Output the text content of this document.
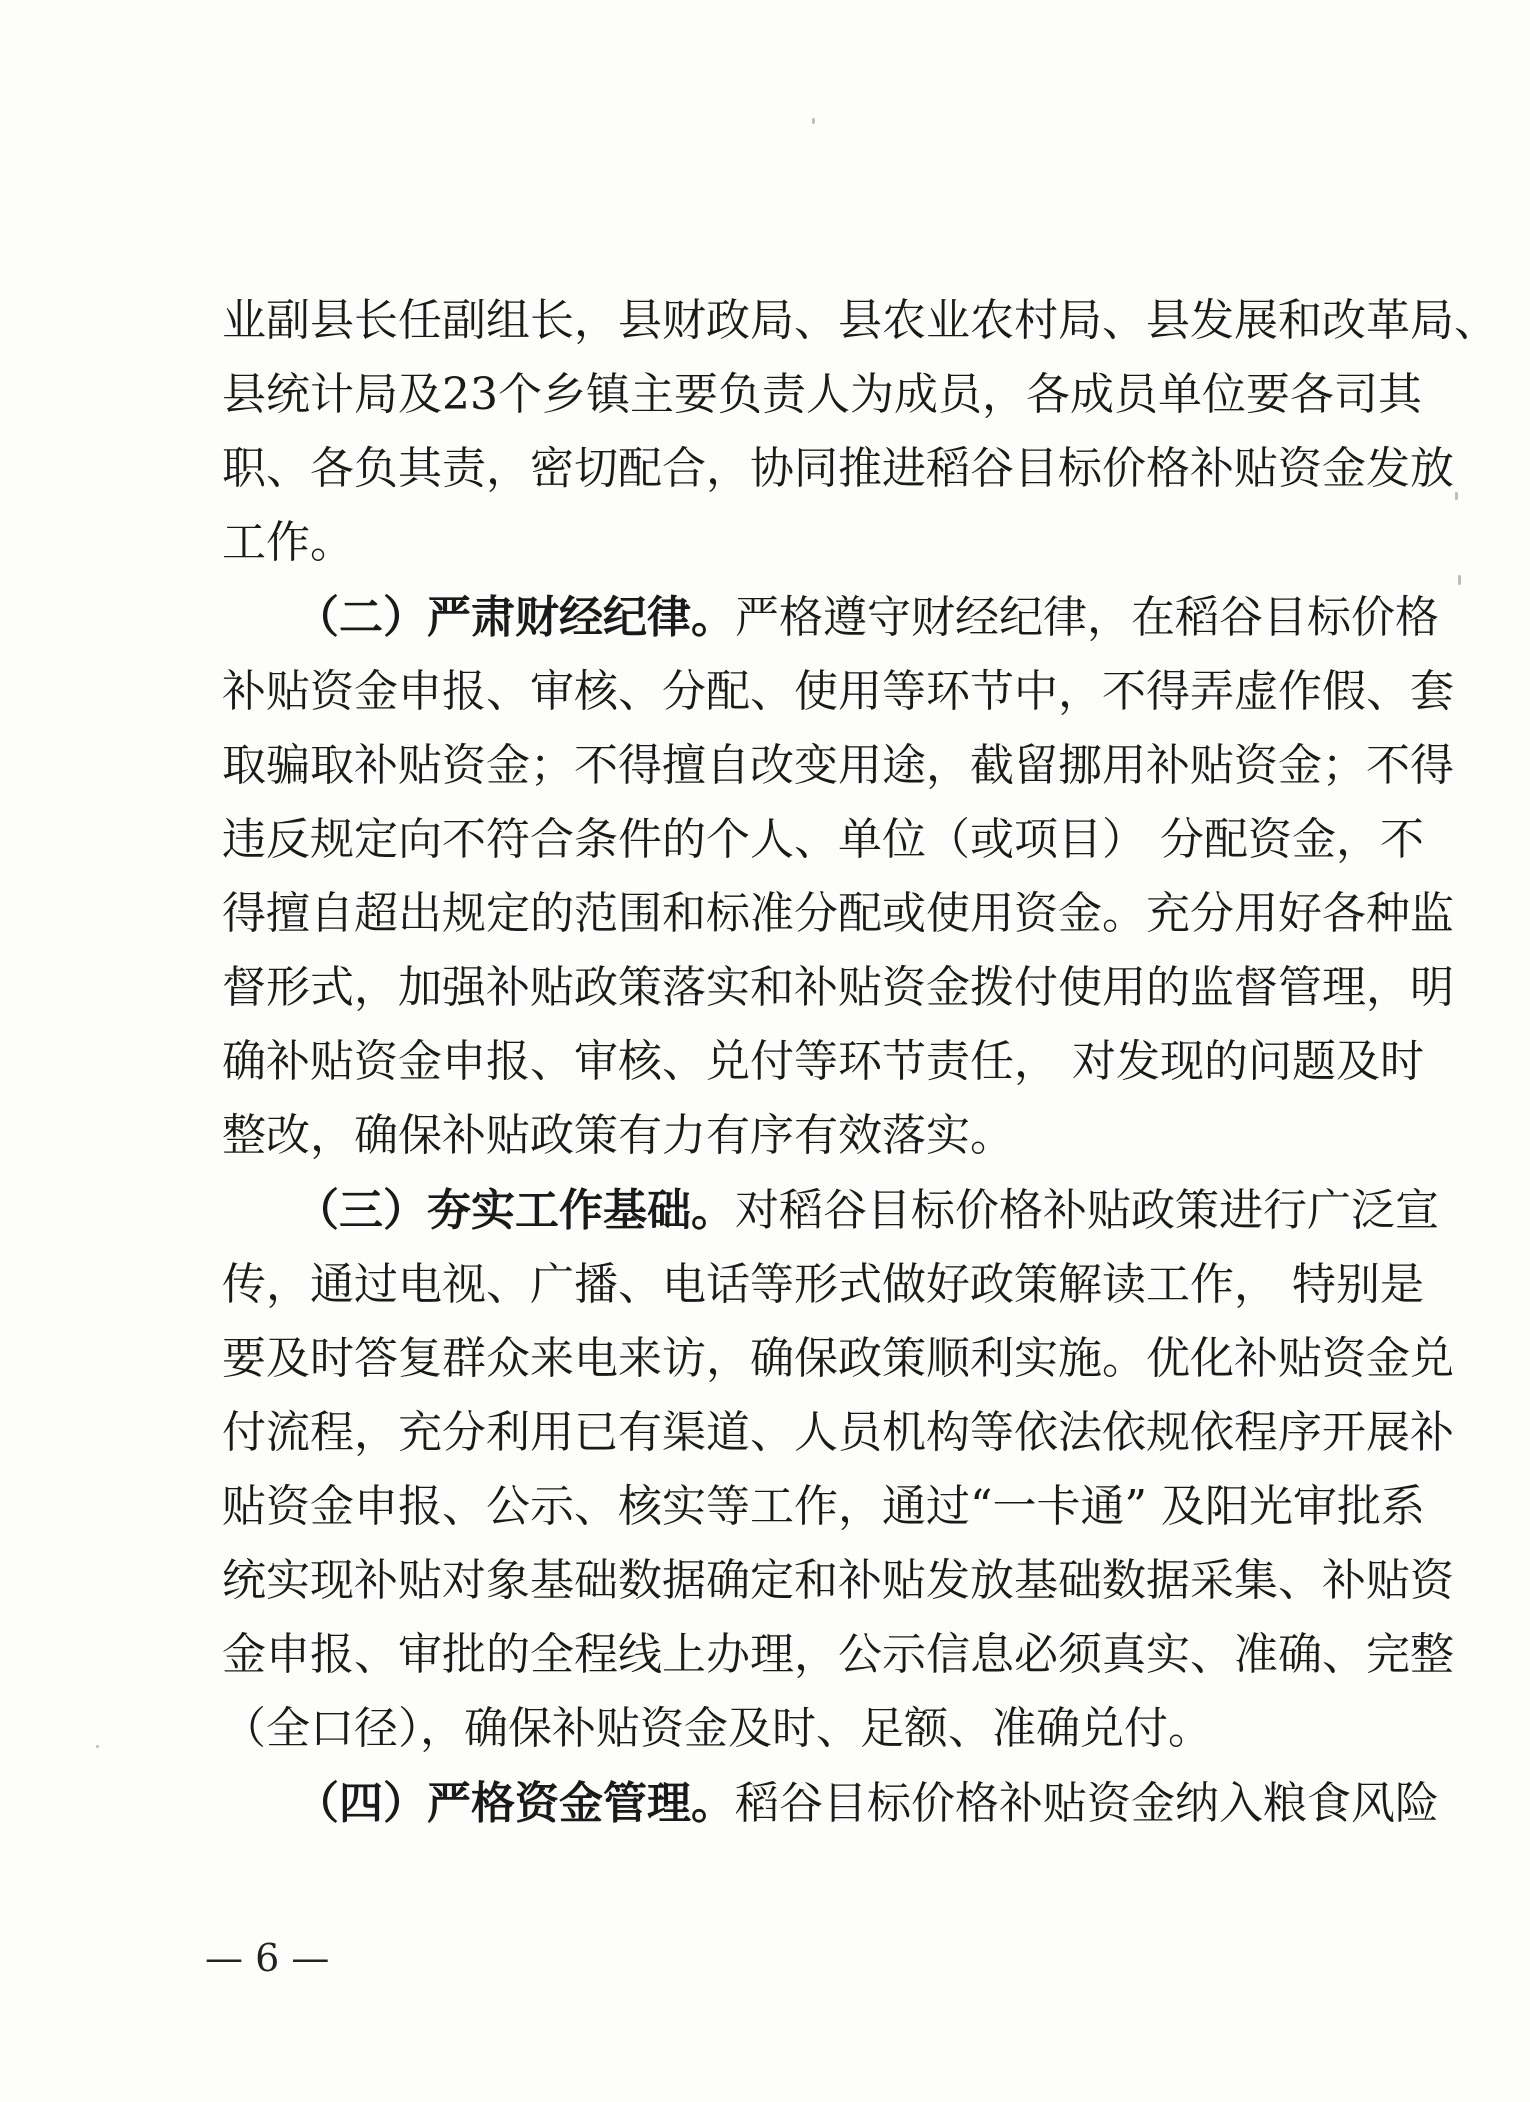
业副县长任副组长，县财政局、县农业农村局、县发展和改革局、
县统计局及23个乡镇主要负责人为成员，各成员单位要各司其
职、各负其责，密切配合，协同推进稻谷目标价格补贴资金发放
工作。
（二）严肃财经纪律。严格遵守财经纪律，在稻谷目标价格
补贴资金申报、审核、分配、使用等环节中，不得弄虚作假、套
取骗取补贴资金；不得擅自改变用途，截留挪用补贴资金；不得
违反规定向不符合条件的个人、单位（或项目） 分配资金，不
得擅自超出规定的范围和标准分配或使用资金。充分用好各种监
督形式，加强补贴政策落实和补贴资金拨付使用的监督管理，明
确补贴资金申报、审核、兑付等环节责任， 对发现的问题及时
整改，确保补贴政策有力有序有效落实。
（三）夯实工作基础。对稻谷目标价格补贴政策进行广泛宣
传，通过电视、广播、电话等形式做好政策解读工作， 特别是
要及时答复群众来电来访，确保政策顺利实施。优化补贴资金兑
付流程，充分利用已有渠道、人员机构等依法依规依程序开展补
贴资金申报、公示、核实等工作，通过“一卡通” 及阳光审批系
统实现补贴对象基础数据确定和补贴发放基础数据采集、补贴资
金申报、审批的全程线上办理，公示信息必须真实、准确、完整
（全口径），确保补贴资金及时、足额、准确兑付。
（四）严格资金管理。稻谷目标价格补贴资金纳入粮食风险
— 6 —
